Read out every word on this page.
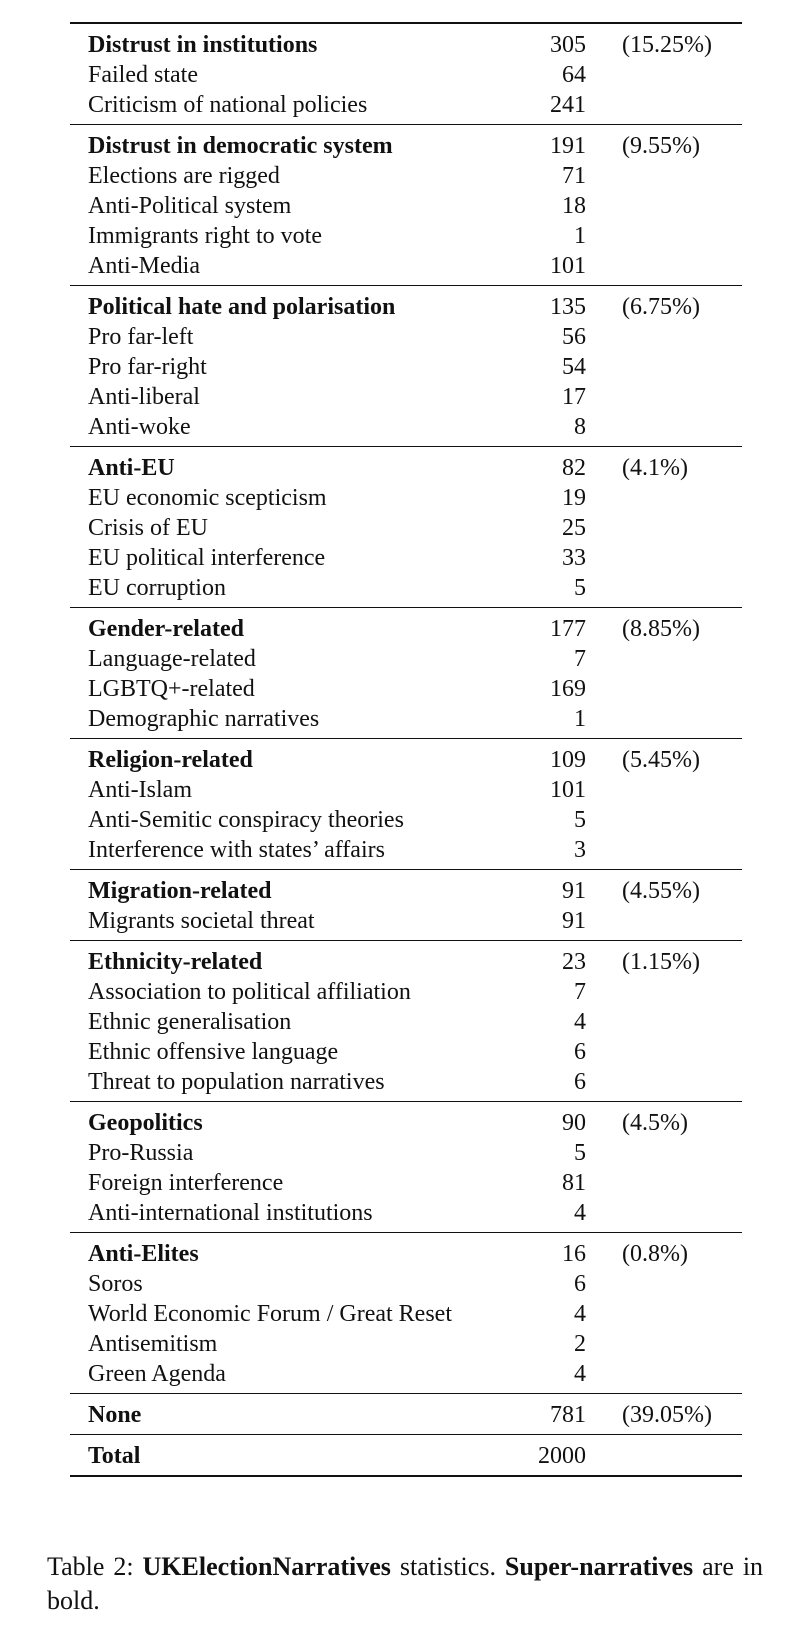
Distrust in institutions	305 (15.25%)
Failed state	64
Criticism of national policies	241
Distrust in democratic system	191 (9.55%)
Elections are rigged	71
Anti-Political system	18
Immigrants right to vote	1
Anti-Media	101
Political hate and polarisation	135 (6.75%)
Pro far-left	56
Pro far-right	54
Anti-liberal	17
Anti-woke	8
Anti-EU	82 (4.1%)
EU economic scepticism	19
Crisis of EU	25
EU political interference	33
EU corruption	5
Gender-related	177 (8.85%)
Language-related	7
LGBTQ+-related	169
Demographic narratives	1
Religion-related	109 (5.45%)
Anti-Islam	101
Anti-Semitic conspiracy theories	5
Interference with states’ affairs	3
Migration-related	91 (4.55%)
Migrants societal threat	91
Ethnicity-related	23 (1.15%)
Association to political affiliation	7
Ethnic generalisation	4
Ethnic offensive language	6
Threat to population narratives	6
Geopolitics	90 (4.5%)
Pro-Russia	5
Foreign interference	81
Anti-international institutions	4
Anti-Elites	16 (0.8%)
Soros	6
World Economic Forum / Great Reset	4
Antisemitism	2
Green Agenda	4
None	781 (39.05%)
Total	2000
Table 2: UKElectionNarratives statistics. Super-narratives are in bold.
